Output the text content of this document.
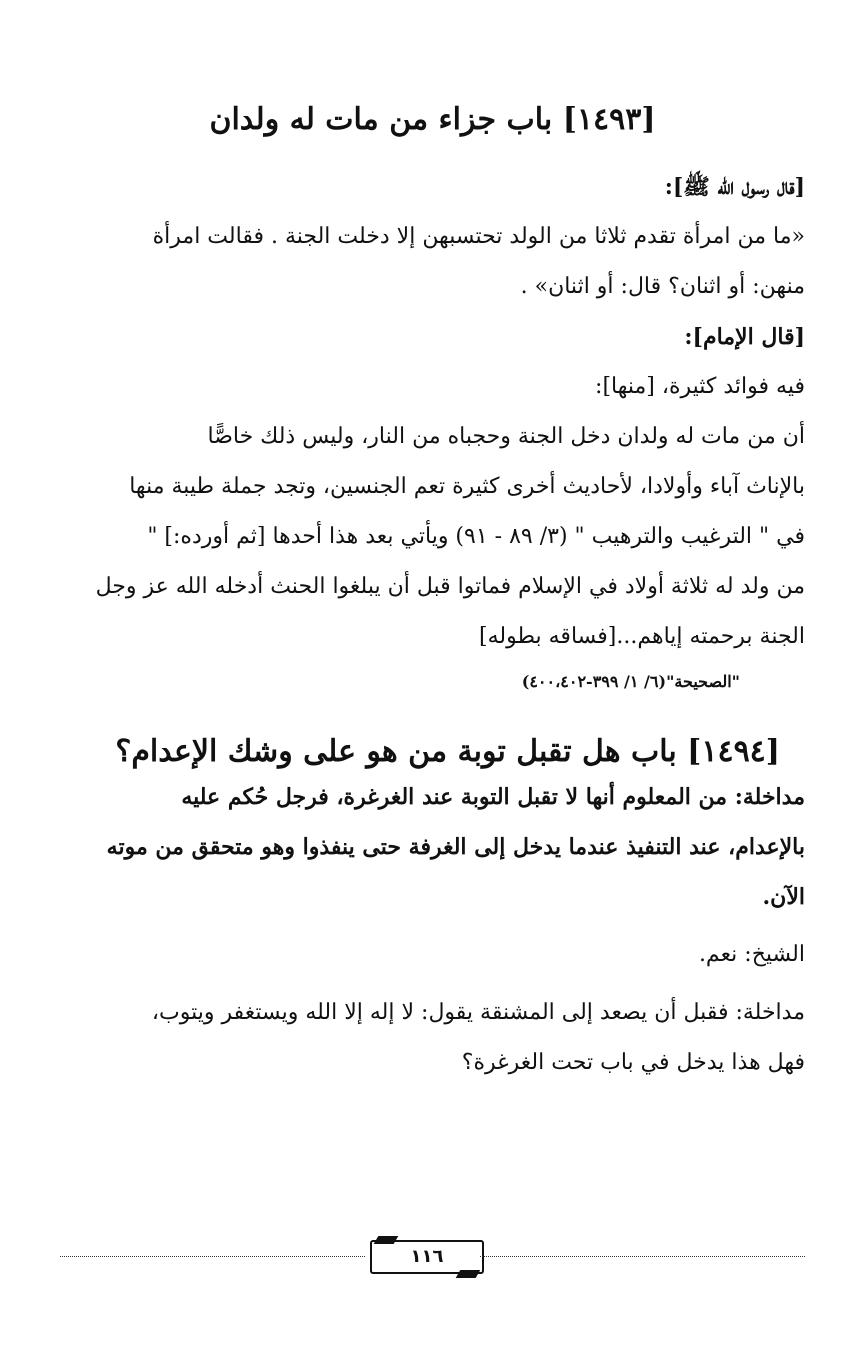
[١٤٩٣] باب جزاء من مات له ولدان

[قال رسول الله ﷺ]:

«ما من امرأة تقدم ثلاثا من الولد تحتسبهن إلا دخلت الجنة . فقالت امرأة

منهن: أو اثنان؟ قال: أو اثنان» .

[قال الإمام]:

فيه فوائد كثيرة، [منها]:

أن من مات له ولدان دخل الجنة وحجباه من النار، وليس ذلك خاصًّا

بالإناث آباء وأولادا، لأحاديث أخرى كثيرة تعم الجنسين، وتجد جملة طيبة منها

في " الترغيب والترهيب " (٣/ ٨٩ - ٩١) ويأتي بعد هذا أحدها [ثم أورده:] "

من ولد له ثلاثة أولاد في الإسلام فماتوا قبل أن يبلغوا الحنث أدخله الله عز وجل

الجنة برحمته إياهم...[فساقه بطوله]

"الصحيحة"(٦/ ١/ ٣٩٩-٤٠٠،٤٠٢)

[١٤٩٤] باب هل تقبل توبة من هو على وشك الإعدام؟

مداخلة: من المعلوم أنها لا تقبل التوبة عند الغرغرة، فرجل حُكم عليه

بالإعدام، عند التنفيذ عندما يدخل إلى الغرفة حتى ينفذوا وهو متحقق من موته

الآن.

الشيخ: نعم.

مداخلة: فقبل أن يصعد إلى المشنقة يقول: لا إله إلا الله ويستغفر ويتوب،

فهل هذا يدخل في باب تحت الغرغرة؟

١١٦
